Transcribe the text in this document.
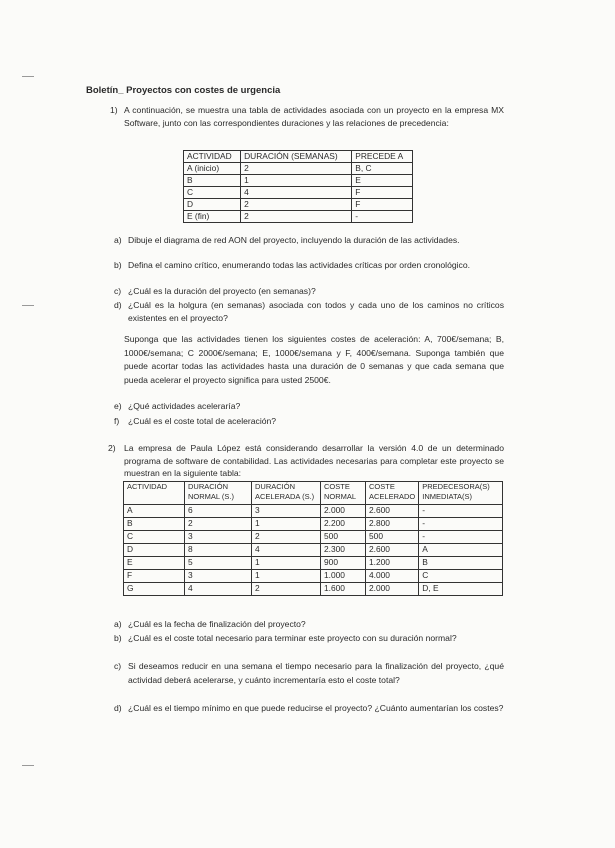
Boletín_ Proyectos con costes de urgencia
1) A continuación, se muestra una tabla de actividades asociada con un proyecto en la empresa MX Software, junto con las correspondientes duraciones y las relaciones de precedencia:
ACTIVIDAD	DURACIÓN (SEMANAS)	PRECEDE A
A (inicio)	2	B, C
B	1	E
C	4	F
D	2	F
E (fin)	2	-
a) Dibuje el diagrama de red AON del proyecto, incluyendo la duración de las actividades.
b) Defina el camino crítico, enumerando todas las actividades críticas por orden cronológico.
c) ¿Cuál es la duración del proyecto (en semanas)?
d) ¿Cuál es la holgura (en semanas) asociada con todos y cada uno de los caminos no críticos existentes en el proyecto?
Suponga que las actividades tienen los siguientes costes de aceleración: A, 700€/semana; B, 1000€/semana; C 2000€/semana; E, 1000€/semana y F, 400€/semana. Suponga también que puede acortar todas las actividades hasta una duración de 0 semanas y que cada semana que pueda acelerar el proyecto significa para usted 2500€.
e) ¿Qué actividades aceleraría?
f) ¿Cuál es el coste total de aceleración?
2) La empresa de Paula López está considerando desarrollar la versión 4.0 de un determinado programa de software de contabilidad. Las actividades necesarias para completar este proyecto se muestran en la siguiente tabla:
ACTIVIDAD	DURACIÓN NORMAL (S.)	DURACIÓN ACELERADA (S.)	COSTE NORMAL	COSTE ACELERADO	PREDECESORA(S) INMEDIATA(S)
A	6	3	2.000	2.600	-
B	2	1	2.200	2.800	-
C	3	2	500	500	-
D	8	4	2.300	2.600	A
E	5	1	900	1.200	B
F	3	1	1.000	4.000	C
G	4	2	1.600	2.000	D, E
a) ¿Cuál es la fecha de finalización del proyecto?
b) ¿Cuál es el coste total necesario para terminar este proyecto con su duración normal?
c) Si deseamos reducir en una semana el tiempo necesario para la finalización del proyecto, ¿qué actividad deberá acelerarse, y cuánto incrementaría esto el coste total?
d) ¿Cuál es el tiempo mínimo en que puede reducirse el proyecto? ¿Cuánto aumentarían los costes?
